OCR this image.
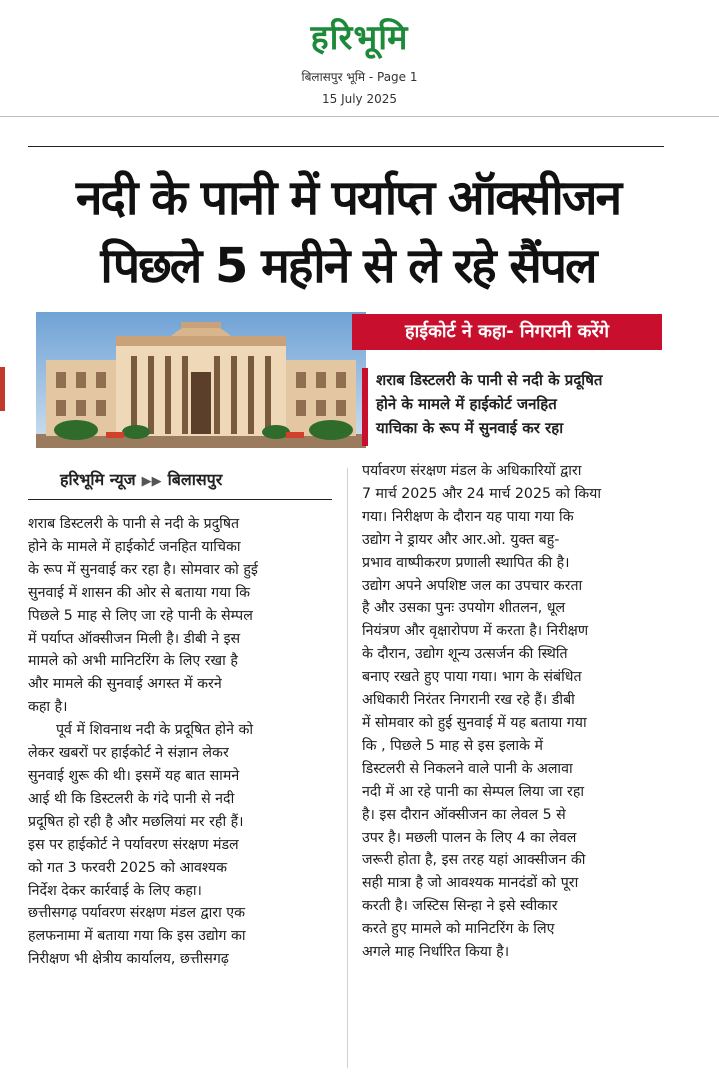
हरिभूमि
बिलासपुर भूमि - Page 1
15 July 2025
नदी के पानी में पर्याप्त ऑक्सीजन
पिछले 5 महीने से ले रहे सैंपल
हाईकोर्ट ने कहा- निगरानी करेंगे

शराब डिस्टलरी के पानी से नदी के प्रदूषित

होने के मामले में हाईकोर्ट जनहित

याचिका के रूप में सुनवाई कर रहा

हरिभूमि न्यूज ▶▶ बिलासपुर

शराब डिस्टलरी के पानी से नदी के प्रदुषित

होने के मामले में हाईकोर्ट जनहित याचिका

के रूप में सुनवाई कर रहा है। सोमवार को हुई

सुनवाई में शासन की ओर से बताया गया कि

पिछले 5 माह से लिए जा रहे पानी के सेम्पल

में पर्याप्त ऑक्सीजन मिली है। डीबी ने इस

मामले को अभी मानिटरिंग के लिए रखा है

और मामले की सुनवाई अगस्त में करने

कहा है।

पूर्व में शिवनाथ नदी के प्रदूषित होने को

लेकर खबरों पर हाईकोर्ट ने संज्ञान लेकर

सुनवाई शुरू की थी। इसमें यह बात सामने

आई थी कि डिस्टलरी के गंदे पानी से नदी

प्रदूषित हो रही है और मछलियां मर रही हैं।

इस पर हाईकोर्ट ने पर्यावरण संरक्षण मंडल

को गत 3 फरवरी 2025 को आवश्यक

निर्देश देकर कार्रवाई के लिए कहा।

छत्तीसगढ़ पर्यावरण संरक्षण मंडल द्वारा एक

हलफनामा में बताया गया कि इस उद्योग का

निरीक्षण भी क्षेत्रीय कार्यालय, छत्तीसगढ़

पर्यावरण संरक्षण मंडल के अधिकारियों द्वारा

7 मार्च 2025 और 24 मार्च 2025 को किया

गया। निरीक्षण के दौरान यह पाया गया कि

उद्योग ने ड्रायर और आर.ओ. युक्त बहु-

प्रभाव वाष्पीकरण प्रणाली स्थापित की है।

उद्योग अपने अपशिष्ट जल का उपचार करता

है और उसका पुनः उपयोग शीतलन, धूल

नियंत्रण और वृक्षारोपण में करता है। निरीक्षण

के दौरान, उद्योग शून्य उत्सर्जन की स्थिति

बनाए रखते हुए पाया गया। भाग के संबंधित

अधिकारी निरंतर निगरानी रख रहे हैं। डीबी

में सोमवार को हुई सुनवाई में यह बताया गया

कि , पिछले 5 माह से इस इलाके में

डिस्टलरी से निकलने वाले पानी के अलावा

नदी में आ रहे पानी का सेम्पल लिया जा रहा

है। इस दौरान ऑक्सीजन का लेवल 5 से

उपर है। मछली पालन के लिए 4 का लेवल

जरूरी होता है, इस तरह यहां आक्सीजन की

सही मात्रा है जो आवश्यक मानदंडों को पूरा

करती है। जस्टिस सिन्हा ने इसे स्वीकार

करते हुए मामले को मानिटरिंग के लिए

अगले माह निर्धारित किया है।
